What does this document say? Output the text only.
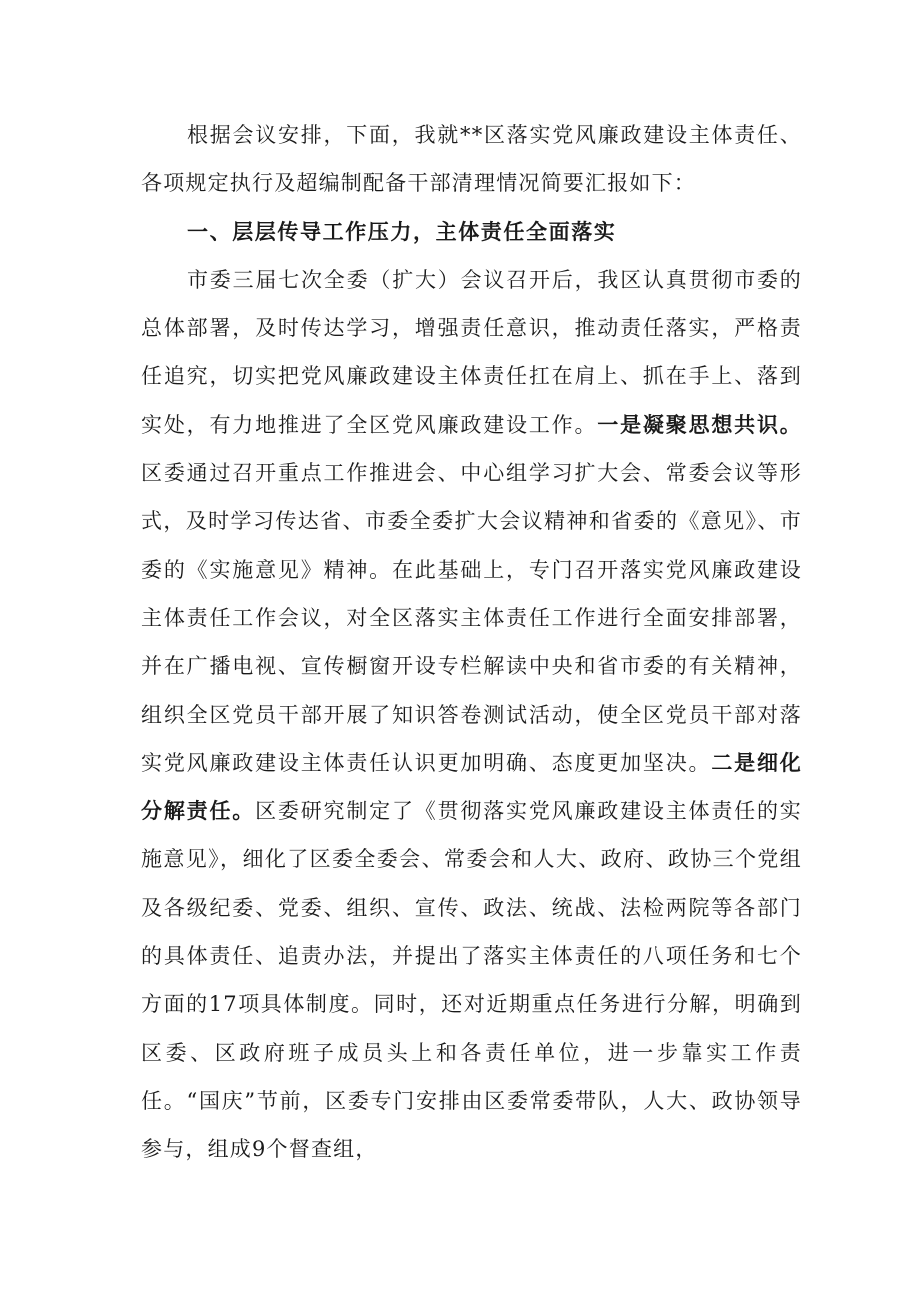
根据会议安排，下面，我就**区落实党风廉政建设主体责任、各项规定执行及超编制配备干部清理情况简要汇报如下：

一、层层传导工作压力，主体责任全面落实

市委三届七次全委（扩大）会议召开后，我区认真贯彻市委的总体部署，及时传达学习，增强责任意识，推动责任落实，严格责任追究，切实把党风廉政建设主体责任扛在肩上、抓在手上、落到实处，有力地推进了全区党风廉政建设工作。一是凝聚思想共识。区委通过召开重点工作推进会、中心组学习扩大会、常委会议等形式，及时学习传达省、市委全委扩大会议精神和省委的《意见》、市委的《实施意见》精神。在此基础上，专门召开落实党风廉政建设主体责任工作会议，对全区落实主体责任工作进行全面安排部署，并在广播电视、宣传橱窗开设专栏解读中央和省市委的有关精神，组织全区党员干部开展了知识答卷测试活动，使全区党员干部对落实党风廉政建设主体责任认识更加明确、态度更加坚决。二是细化分解责任。区委研究制定了《贯彻落实党风廉政建设主体责任的实施意见》，细化了区委全委会、常委会和人大、政府、政协三个党组及各级纪委、党委、组织、宣传、政法、统战、法检两院等各部门的具体责任、追责办法，并提出了落实主体责任的八项任务和七个方面的17项具体制度。同时，还对近期重点任务进行分解，明确到区委、区政府班子成员头上和各责任单位，进一步靠实工作责任。“国庆”节前，区委专门安排由区委常委带队，人大、政协领导参与，组成9个督查组，
